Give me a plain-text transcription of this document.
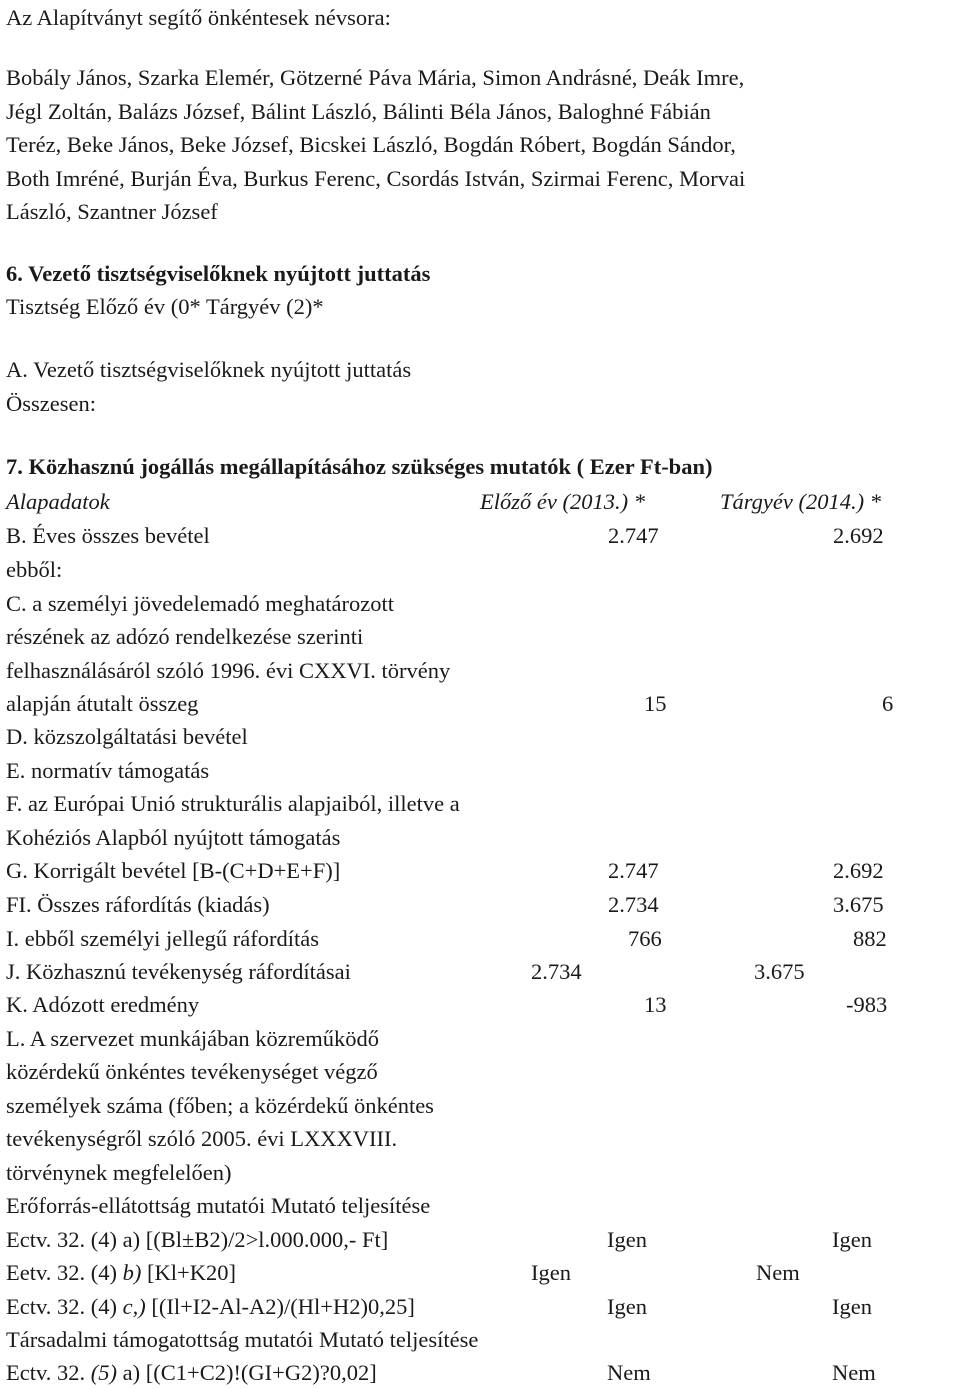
Az Alapítványt segítő önkéntesek névsora:
Bobály János, Szarka Elemér, Götzerné Páva Mária, Simon Andrásné, Deák Imre,
Jégl Zoltán, Balázs József, Bálint László, Bálinti Béla János, Baloghné Fábián
Teréz, Beke János, Beke József, Bicskei László, Bogdán Róbert, Bogdán Sándor,
Both Imréné, Burján Éva, Burkus Ferenc, Csordás István, Szirmai Ferenc, Morvai
László, Szantner József
6. Vezető tisztségviselőknek nyújtott juttatás
Tisztség Előző év (0* Tárgyév (2)*
A. Vezető tisztségviselőknek nyújtott juttatás
Összesen:
7. Közhasznú jogállás megállapításához szükséges mutatók ( Ezer Ft-ban)
Alapadatok	Előző év (2013.) *	Tárgyév (2014.) *
B. Éves összes bevétel	2.747	2.692
ebből:
C. a személyi jövedelemadó meghatározott
részének az adózó rendelkezése szerinti
felhasználásáról szóló 1996. évi CXXVI. törvény
alapján átutalt összeg	15	6
D. közszolgáltatási bevétel
E. normatív támogatás
F. az Európai Unió strukturális alapjaiból, illetve a
Kohéziós Alapból nyújtott támogatás
G. Korrigált bevétel [B-(C+D+E+F)]	2.747	2.692
FI. Összes ráfordítás (kiadás)	2.734	3.675
I. ebből személyi jellegű ráfordítás	766	882
J. Közhasznú tevékenység ráfordításai	2.734	3.675
K. Adózott eredmény	13	-983
L. A szervezet munkájában közreműködő
közérdekű önkéntes tevékenységet végző
személyek száma (főben; a közérdekű önkéntes
tevékenységről szóló 2005. évi LXXXVIII.
törvénynek megfelelően)
Erőforrás-ellátottság mutatói Mutató teljesítése
Ectv. 32. (4) a) [(Bl±B2)/2>l.000.000,- Ft]	Igen	Igen
Eetv. 32. (4) b) [Kl+K20]	Igen	Nem
Ectv. 32. (4) c,) [(Il+I2-Al-A2)/(Hl+H2)0,25]	Igen	Igen
Társadalmi támogatottság mutatói Mutató teljesítése
Ectv. 32. (5) a) [(C1+C2)!(GI+G2)?0,02]	Nem	Nem
